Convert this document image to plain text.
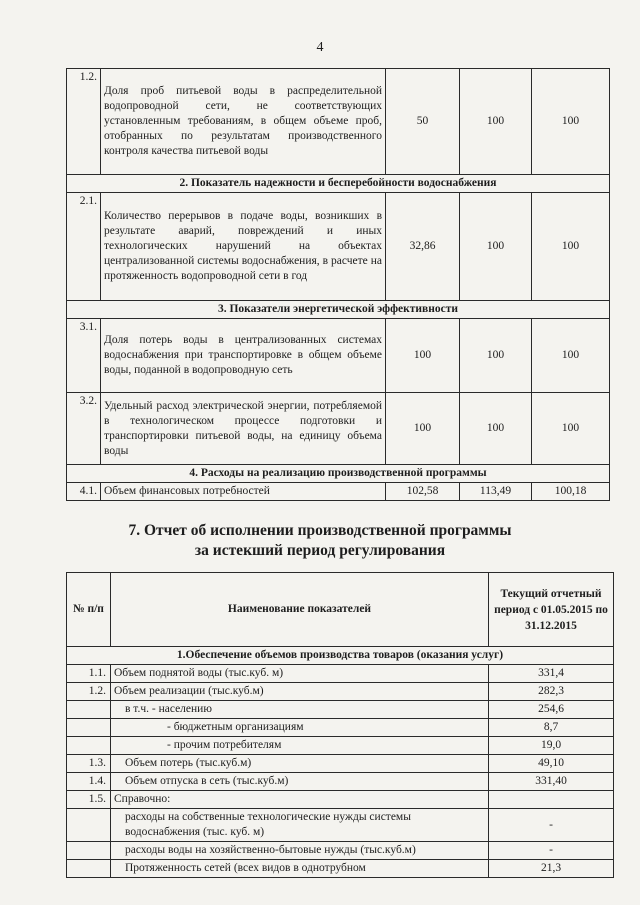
4
1.2.	Доля проб питьевой воды в распределительной водопроводной сети, не соответствующих установленным требованиям, в общем объеме проб, отобранных по результатам производственного контроля качества питьевой воды	50	100	100
2. Показатель надежности и бесперебойности водоснабжения				
2.1.	Количество перерывов в подаче воды, возникших в результате аварий, повреждений и иных технологических нарушений на объектах централизованной системы водоснабжения, в расчете на протяженность водопроводной сети в год	32,86	100	100
3. Показатели энергетической эффективности				
3.1.	Доля потерь воды в централизованных системах водоснабжения при транспортировке в общем объеме воды, поданной в водопроводную сеть	100	100	100
3.2.	Удельный расход электрической энергии, потребляемой в технологическом процессе подготовки и транспортировки питьевой воды, на единицу объема воды	100	100	100
4. Расходы на реализацию производственной программы				
4.1.	Объем финансовых потребностей	102,58	113,49	100,18
7. Отчет об исполнении производственной программы
за истекший период регулирования
№ п/п	Наименование показателей	Текущий отчетный период с 01.05.2015 по 31.12.2015
1.Обеспечение объемов производства товаров (оказания услуг)		
1.1.	Объем поднятой воды (тыс.куб. м)	331,4
1.2.	Объем реализации (тыс.куб.м)	282,3
	в т.ч. - населению	254,6
	- бюджетным организациям	8,7
	- прочим потребителям	19,0
1.3.	Объем потерь (тыс.куб.м)	49,10
1.4.	Объем отпуска в сеть (тыс.куб.м)	331,40
1.5.	Справочно:	
	расходы на собственные технологические нужды системы водоснабжения (тыс. куб. м)	-
	расходы воды на хозяйственно-бытовые нужды (тыс.куб.м)	-
	Протяженность сетей (всех видов в однотрубном	21,3
